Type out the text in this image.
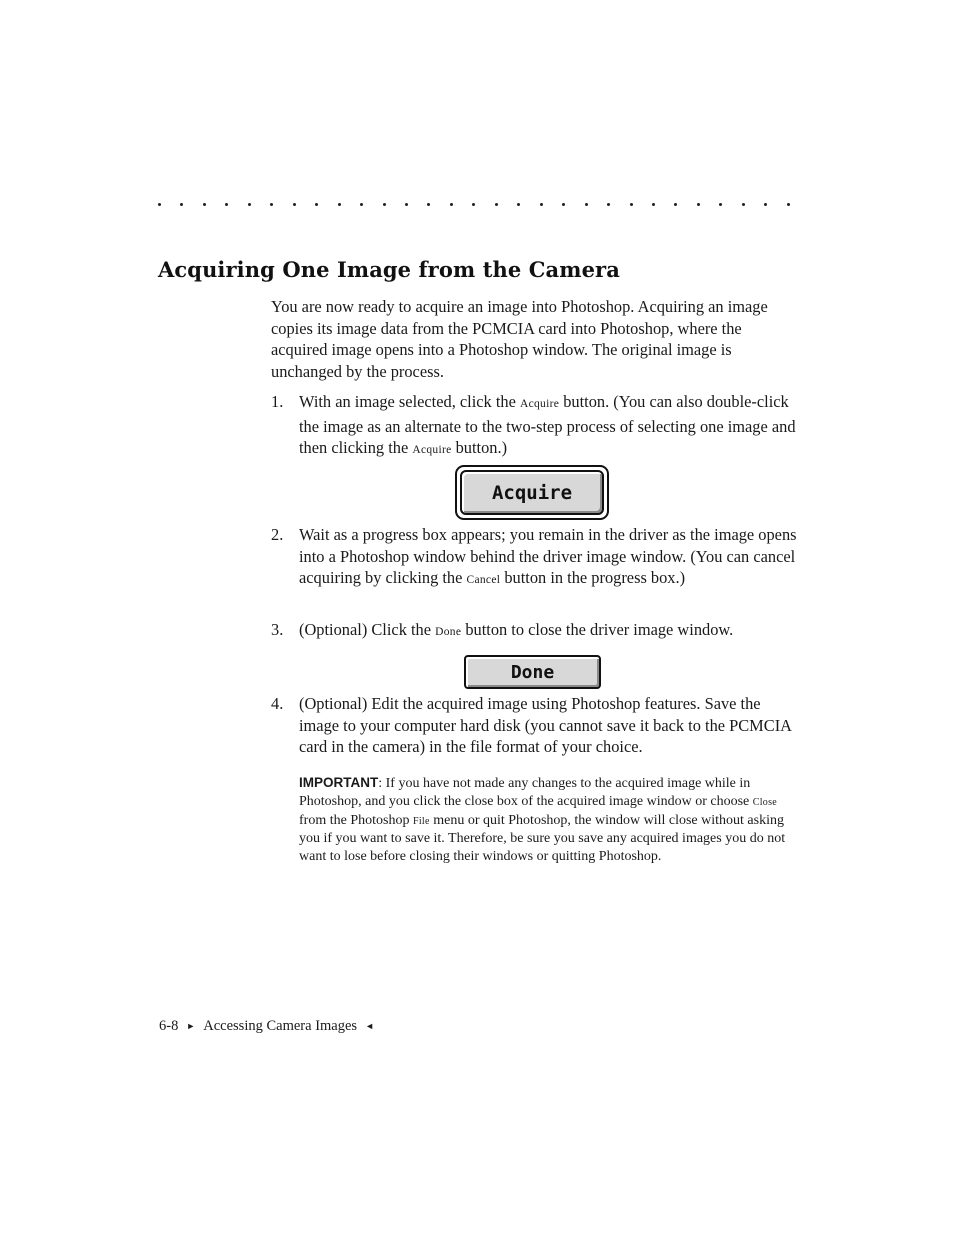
Acquiring One Image from the Camera

You are now ready to acquire an image into Photoshop. Acquiring an image copies its image data from the PCMCIA card into Photoshop, where the acquired image opens into a Photoshop window. The original image is unchanged by the process.

1. With an image selected, click the Acquire button. (You can also double-click the image as an alternate to the two-step process of selecting one image and then clicking the Acquire button.)

Acquire

2. Wait as a progress box appears; you remain in the driver as the image opens into a Photoshop window behind the driver image window. (You can cancel acquiring by clicking the Cancel button in the progress box.)

3. (Optional) Click the Done button to close the driver image window.

Done

4. (Optional) Edit the acquired image using Photoshop features. Save the image to your computer hard disk (you cannot save it back to the PCMCIA card in the camera) in the file format of your choice.

IMPORTANT: If you have not made any changes to the acquired image while in Photoshop, and you click the close box of the acquired image window or choose Close from the Photoshop File menu or quit Photoshop, the window will close without asking you if you want to save it. Therefore, be sure you save any acquired images you do not want to lose before closing their windows or quitting Photoshop.

6-8 ► Accessing Camera Images ◄
